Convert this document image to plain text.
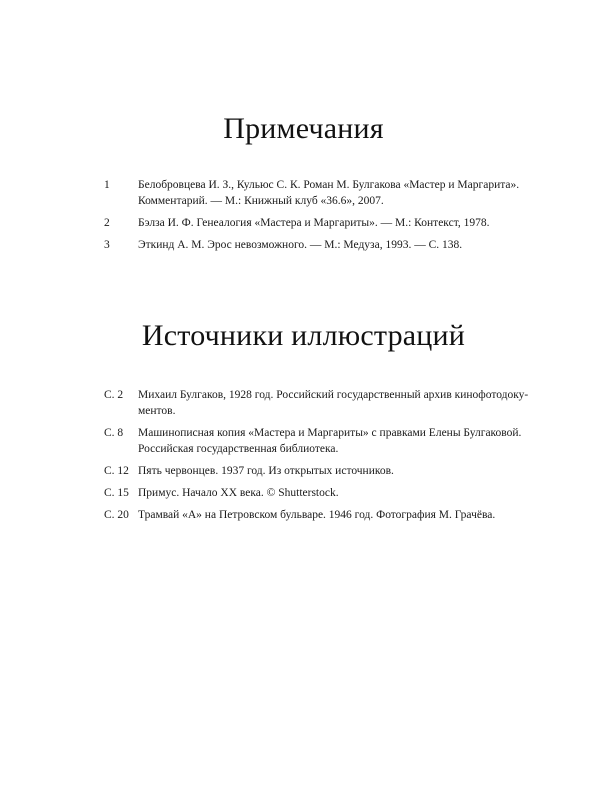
Примечания
1	Белобровцева И. З., Кульюс С. К. Роман М. Булгакова «Мастер и Маргарита». Комментарий. — М.: Книжный клуб «36.6», 2007.
2	Бэлза И. Ф. Генеалогия «Мастера и Маргариты». — М.: Контекст, 1978.
3	Эткинд А. М. Эрос невозможного. — М.: Медуза, 1993. — С. 138.
Источники иллюстраций
С. 2	Михаил Булгаков, 1928 год. Российский государственный архив кинофотодоку-ментов.
С. 8	Машинописная копия «Мастера и Маргариты» с правками Елены Булгаковой. Российская государственная библиотека.
С. 12 Пять червонцев. 1937 год. Из открытых источников.
С. 15 Примус. Начало XX века. © Shutterstock.
С. 20 Трамвай «А» на Петровском бульваре. 1946 год. Фотография М. Грачёва.
